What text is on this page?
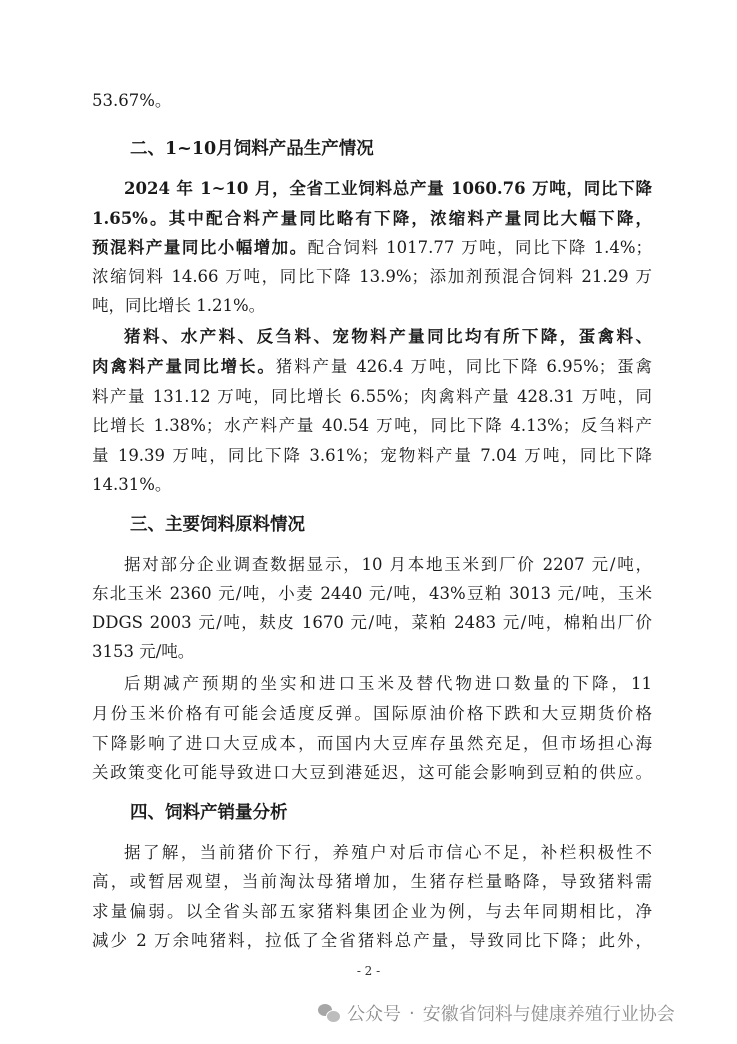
53.67%。
二、1~10月饲料产品生产情况
2024 年 1~10 月，全省工业饲料总产量 1060.76 万吨，同比下降
1.65%。其中配合料产量同比略有下降，浓缩料产量同比大幅下降，
预混料产量同比小幅增加。配合饲料 1017.77 万吨，同比下降 1.4%；
浓缩饲料 14.66 万吨，同比下降 13.9%；添加剂预混合饲料 21.29 万
吨，同比增长 1.21%。
猪料、水产料、反刍料、宠物料产量同比均有所下降，蛋禽料、
肉禽料产量同比增长。猪料产量 426.4 万吨，同比下降 6.95%；蛋禽
料产量 131.12 万吨，同比增长 6.55%；肉禽料产量 428.31 万吨，同
比增长 1.38%；水产料产量 40.54 万吨，同比下降 4.13%；反刍料产
量 19.39 万吨，同比下降 3.61%；宠物料产量 7.04 万吨，同比下降
14.31%。
三、主要饲料原料情况
据对部分企业调查数据显示，10 月本地玉米到厂价 2207 元/吨，
东北玉米 2360 元/吨，小麦 2440 元/吨，43%豆粕 3013 元/吨，玉米
DDGS 2003 元/吨，麸皮 1670 元/吨，菜粕 2483 元/吨，棉粕出厂价
3153 元/吨。
后期减产预期的坐实和进口玉米及替代物进口数量的下降，11
月份玉米价格有可能会适度反弹。国际原油价格下跌和大豆期货价格
下降影响了进口大豆成本，而国内大豆库存虽然充足，但市场担心海
关政策变化可能导致进口大豆到港延迟，这可能会影响到豆粕的供应。
四、饲料产销量分析
据了解，当前猪价下行，养殖户对后市信心不足，补栏积极性不
高，或暂居观望，当前淘汰母猪增加，生猪存栏量略降，导致猪料需
求量偏弱。以全省头部五家猪料集团企业为例，与去年同期相比，净
减少 2 万余吨猪料，拉低了全省猪料总产量，导致同比下降；此外，
- 2 -
公众号 · 安徽省饲料与健康养殖行业协会
